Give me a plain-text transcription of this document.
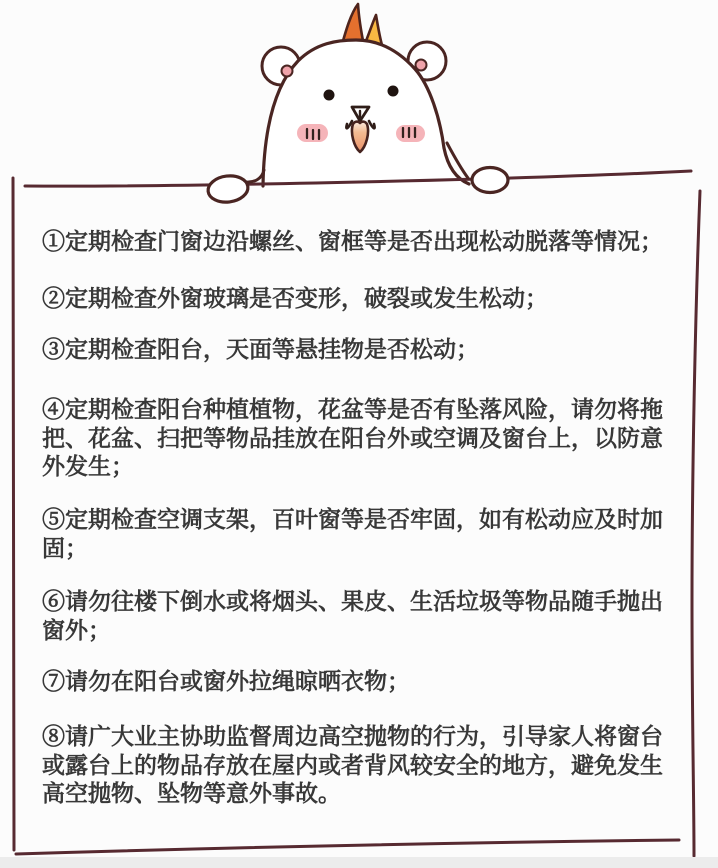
①定期检查门窗边沿螺丝、窗框等是否出现松动脱落等情况；
②定期检查外窗玻璃是否变形，破裂或发生松动；
③定期检查阳台，天面等悬挂物是否松动；
④定期检查阳台种植植物，花盆等是否有坠落风险，请勿将拖
把、花盆、扫把等物品挂放在阳台外或空调及窗台上，以防意
外发生；
⑤定期检查空调支架，百叶窗等是否牢固，如有松动应及时加
固；
⑥请勿往楼下倒水或将烟头、果皮、生活垃圾等物品随手抛出
窗外；
⑦请勿在阳台或窗外拉绳晾晒衣物；
⑧请广大业主协助监督周边高空抛物的行为，引导家人将窗台
或露台上的物品存放在屋内或者背风较安全的地方，避免发生
高空抛物、坠物等意外事故。
